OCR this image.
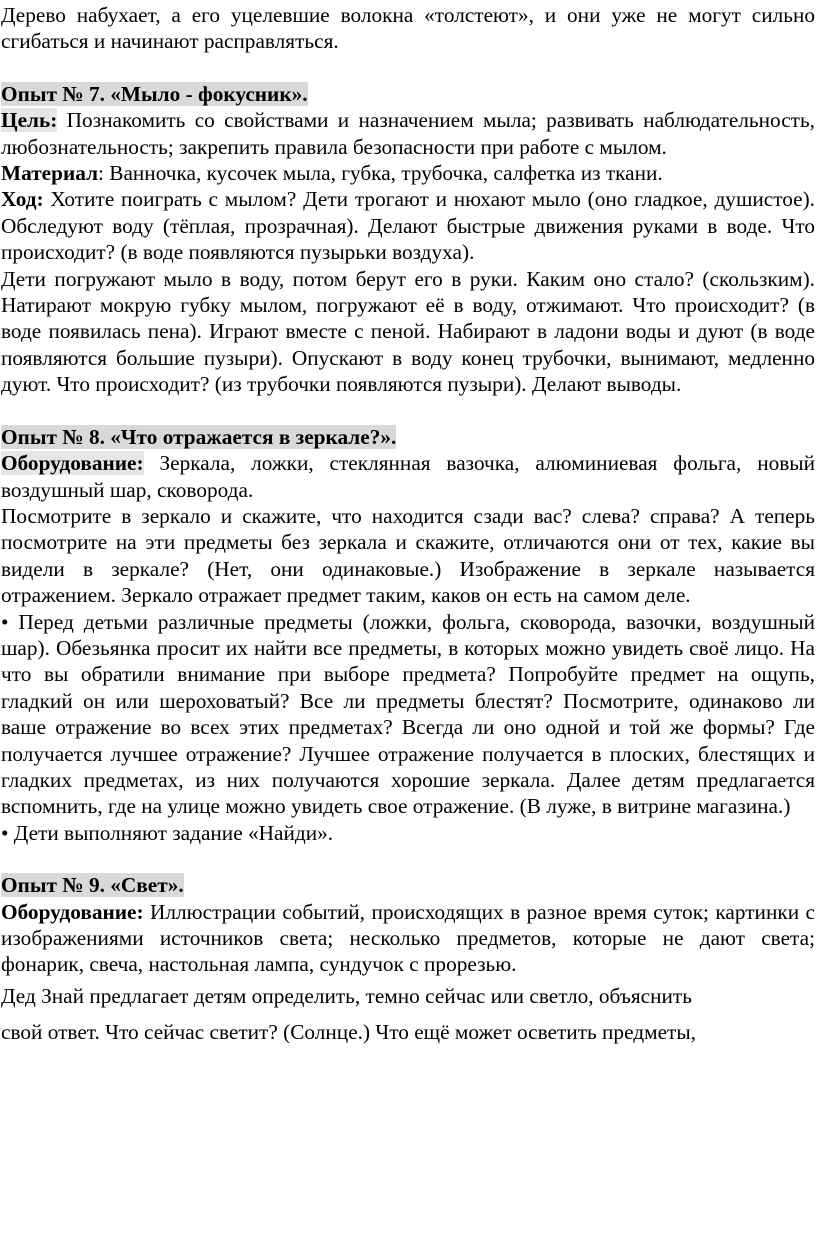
Дерево набухает, а его уцелевшие волокна «толстеют», и они уже не могут сильно сгибаться и начинают расправляться.

Опыт № 7. «Мыло - фокусник».

Цель: Познакомить со свойствами и назначением мыла; развивать наблюдательность, любознательность; закрепить правила безопасности при работе с мылом.

Материал: Ванночка, кусочек мыла, губка, трубочка, салфетка из ткани.

Ход: Хотите поиграть с мылом? Дети трогают и нюхают мыло (оно гладкое, душистое). Обследуют воду (тёплая, прозрачная). Делают быстрые движения руками в воде. Что происходит? (в воде появляются пузырьки воздуха).

Дети погружают мыло в воду, потом берут его в руки. Каким оно стало? (скользким). Натирают мокрую губку мылом, погружают её в воду, отжимают. Что происходит? (в воде появилась пена). Играют вместе с пеной. Набирают в ладони воды и дуют (в воде появляются большие пузыри). Опускают в воду конец трубочки, вынимают, медленно дуют. Что происходит? (из трубочки появляются пузыри). Делают выводы.

Опыт № 8. «Что отражается в зеркале?».

Оборудование: Зеркала, ложки, стеклянная вазочка, алюминиевая фольга, новый воздушный шар, сковорода.

Посмотрите в зеркало и скажите, что находится сзади вас? слева? справа? А теперь посмотрите на эти предметы без зеркала и скажите, отличаются они от тех, какие вы видели в зеркале? (Нет, они одинаковые.) Изображение в зеркале называется отражением. Зеркало отражает предмет таким, каков он есть на самом деле.

• Перед детьми различные предметы (ложки, фольга, сковорода, вазочки, воздушный шар). Обезьянка просит их найти все предметы, в которых можно увидеть своё лицо. На что вы обратили внимание при выборе предмета? Попробуйте предмет на ощупь, гладкий он или шероховатый? Все ли предметы блестят? Посмотрите, одинаково ли ваше отражение во всех этих предметах? Всегда ли оно одной и той же формы? Где получается лучшее отражение? Лучшее отражение получается в плоских, блестящих и гладких предметах, из них получаются хорошие зеркала. Далее детям предлагается вспомнить, где на улице можно увидеть свое отражение. (В луже, в витрине магазина.)

• Дети выполняют задание «Найди».

Опыт № 9. «Свет».

Оборудование: Иллюстрации событий, происходящих в разное время суток; картинки с изображениями источников света; несколько предметов, которые не дают света; фонарик, свеча, настольная лампа, сундучок с прорезью.

Дед Знай предлагает детям определить, темно сейчас или светло, объяснить

свой ответ. Что сейчас светит? (Солнце.) Что ещё может осветить предметы,
